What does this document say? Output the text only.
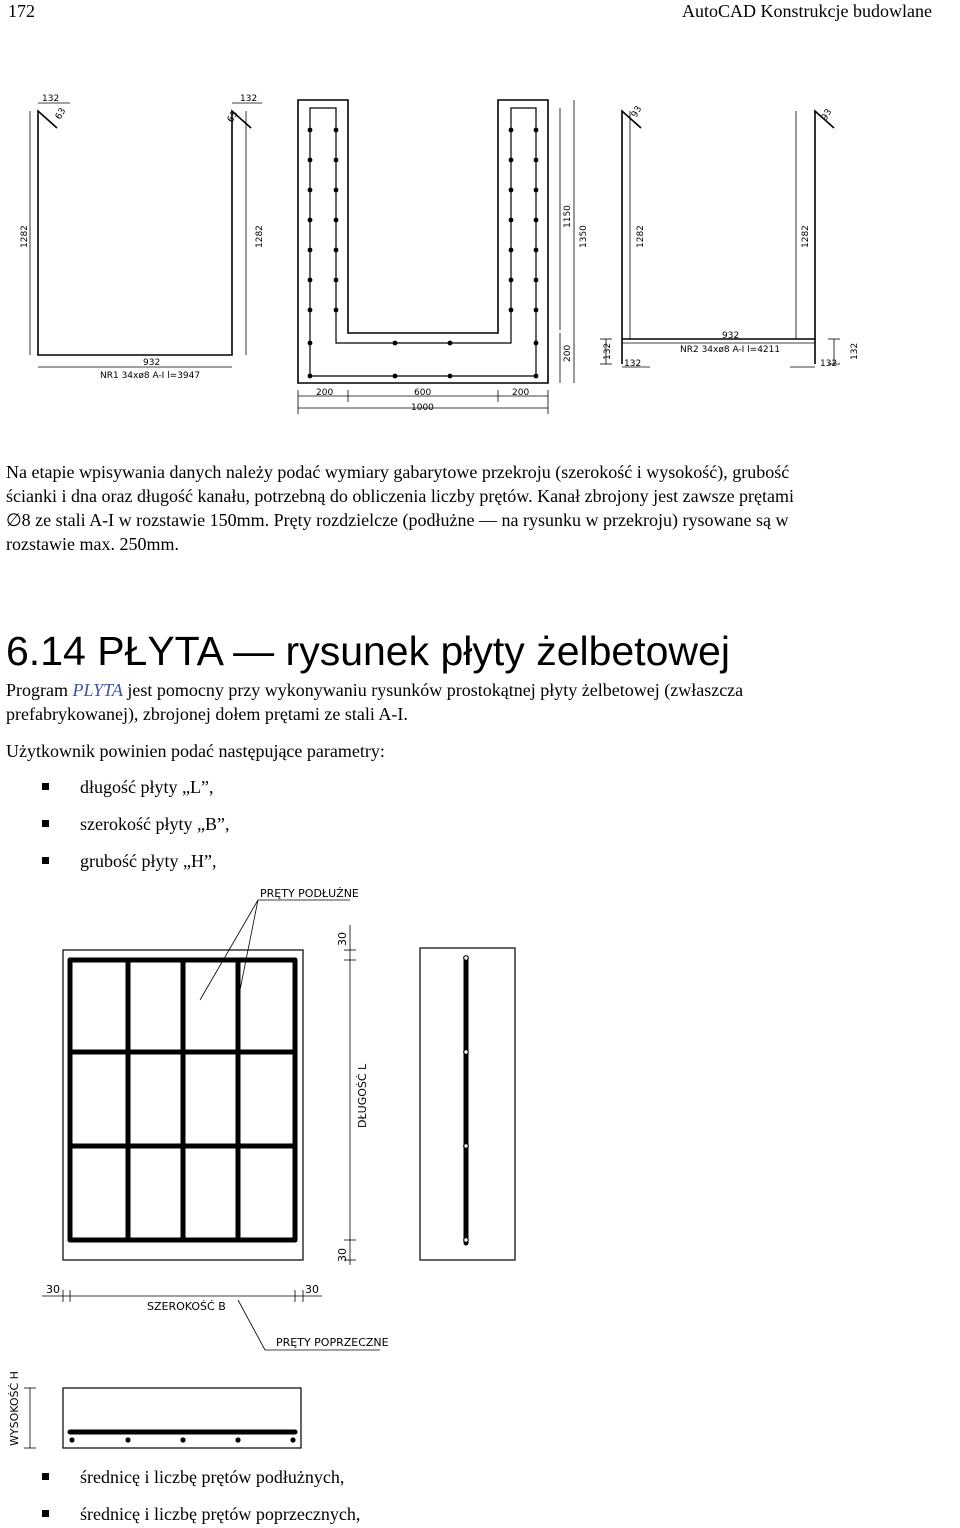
172	AutoCAD Konstrukcje budowlane
132	132
63	63
1282	1282
932
NR1 34xø8 A-I l=3947
1150
1350
200
200	600	200
1000
93	93
1282	1282
932
NR2 34xø8 A-I l=4211
132	132
132	132

Na etapie wpisywania danych należy podać wymiary gabarytowe przekroju (szerokość i wysokość), grubość
ścianki i dna oraz długość kanału, potrzebną do obliczenia liczby prętów. Kanał zbrojony jest zawsze prętami
∅8 ze stali A-I w rozstawie 150mm. Pręty rozdzielcze (podłużne — na rysunku w przekroju) rysowane są w
rozstawie max. 250mm.

6.14 PŁYTA — rysunek płyty żelbetowej

Program PLYTA jest pomocny przy wykonywaniu rysunków prostokątnej płyty żelbetowej (zwłaszcza
prefabrykowanej), zbrojonej dołem prętami ze stali A-I.

Użytkownik powinien podać następujące parametry:

długość płyty „L”,
szerokość płyty „B”,
grubość płyty „H”,
PRĘTY PODŁUŻNE
PRĘTY POPRZECZNE
30
30
30	30
DŁUGOŚĆ L
SZEROKOŚĆ B
WYSOKOŚĆ H
średnicę i liczbę prętów podłużnych,
średnicę i liczbę prętów poprzecznych,
